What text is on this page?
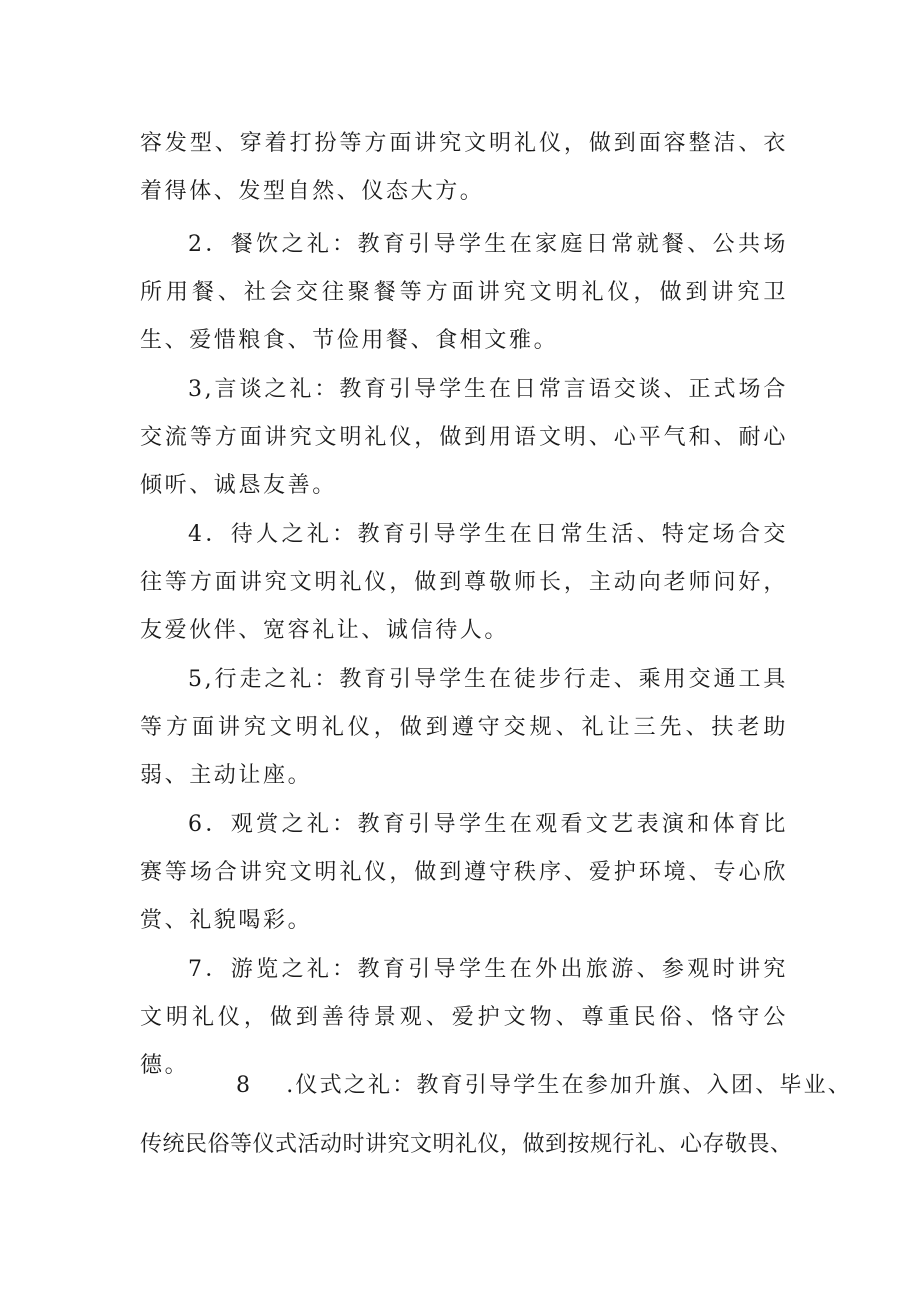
容发型、穿着打扮等方面讲究文明礼仪，做到面容整洁、衣着得体、发型自然、仪态大方。

2．餐饮之礼：教育引导学生在家庭日常就餐、公共场所用餐、社会交往聚餐等方面讲究文明礼仪，做到讲究卫生、爱惜粮食、节俭用餐、食相文雅。

3,言谈之礼：教育引导学生在日常言语交谈、正式场合交流等方面讲究文明礼仪，做到用语文明、心平气和、耐心倾听、诚恳友善。

4．待人之礼：教育引导学生在日常生活、特定场合交往等方面讲究文明礼仪，做到尊敬师长，主动向老师问好，友爱伙伴、宽容礼让、诚信待人。

5,行走之礼：教育引导学生在徒步行走、乘用交通工具等方面讲究文明礼仪，做到遵守交规、礼让三先、扶老助弱、主动让座。

6．观赏之礼：教育引导学生在观看文艺表演和体育比赛等场合讲究文明礼仪，做到遵守秩序、爱护环境、专心欣赏、礼貌喝彩。

7．游览之礼：教育引导学生在外出旅游、参观时讲究文明礼仪，做到善待景观、爱护文物、尊重民俗、恪守公德。

8 .仪式之礼：教育引导学生在参加升旗、入团、毕业、

传统民俗等仪式活动时讲究文明礼仪，做到按规行礼、心存敬畏、
